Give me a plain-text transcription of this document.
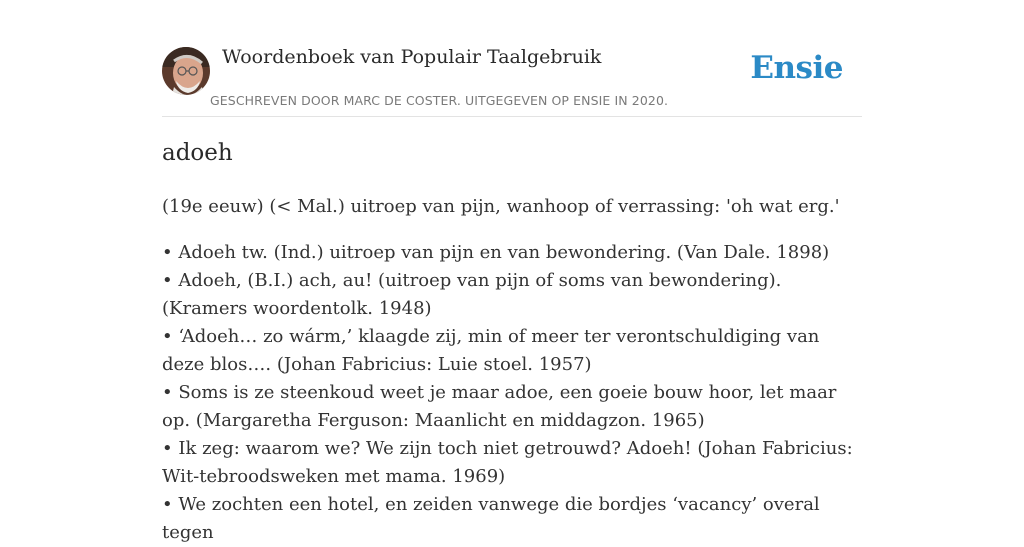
Woordenboek van Populair Taalgebruik
GESCHREVEN DOOR MARC DE COSTER. UITGEGEVEN OP ENSIE IN 2020.
Ensie
adoeh

(19e eeuw) (< Mal.) uitroep van pijn, wanhoop of verrassing: 'oh wat erg.'

• Adoeh tw. (Ind.) uitroep van pijn en van bewondering. (Van Dale. 1898)
• Adoeh, (B.I.) ach, au! (uitroep van pijn of soms van bewondering). (Kramers woordentolk. 1948)
• ‘Adoeh… zo wárm,’ klaagde zij, min of meer ter verontschuldiging van deze blos…. (Johan Fabricius: Luie stoel. 1957)
• Soms is ze steenkoud weet je maar adoe, een goeie bouw hoor, let maar op. (Margaretha Ferguson: Maanlicht en middagzon. 1965)
• Ik zeg: waarom we? We zijn toch niet getrouwd? Adoeh! (Johan Fabricius: Wit-tebroodsweken met mama. 1969)
• We zochten een hotel, en zeiden vanwege die bordjes ‘vacancy’ overal tegen
